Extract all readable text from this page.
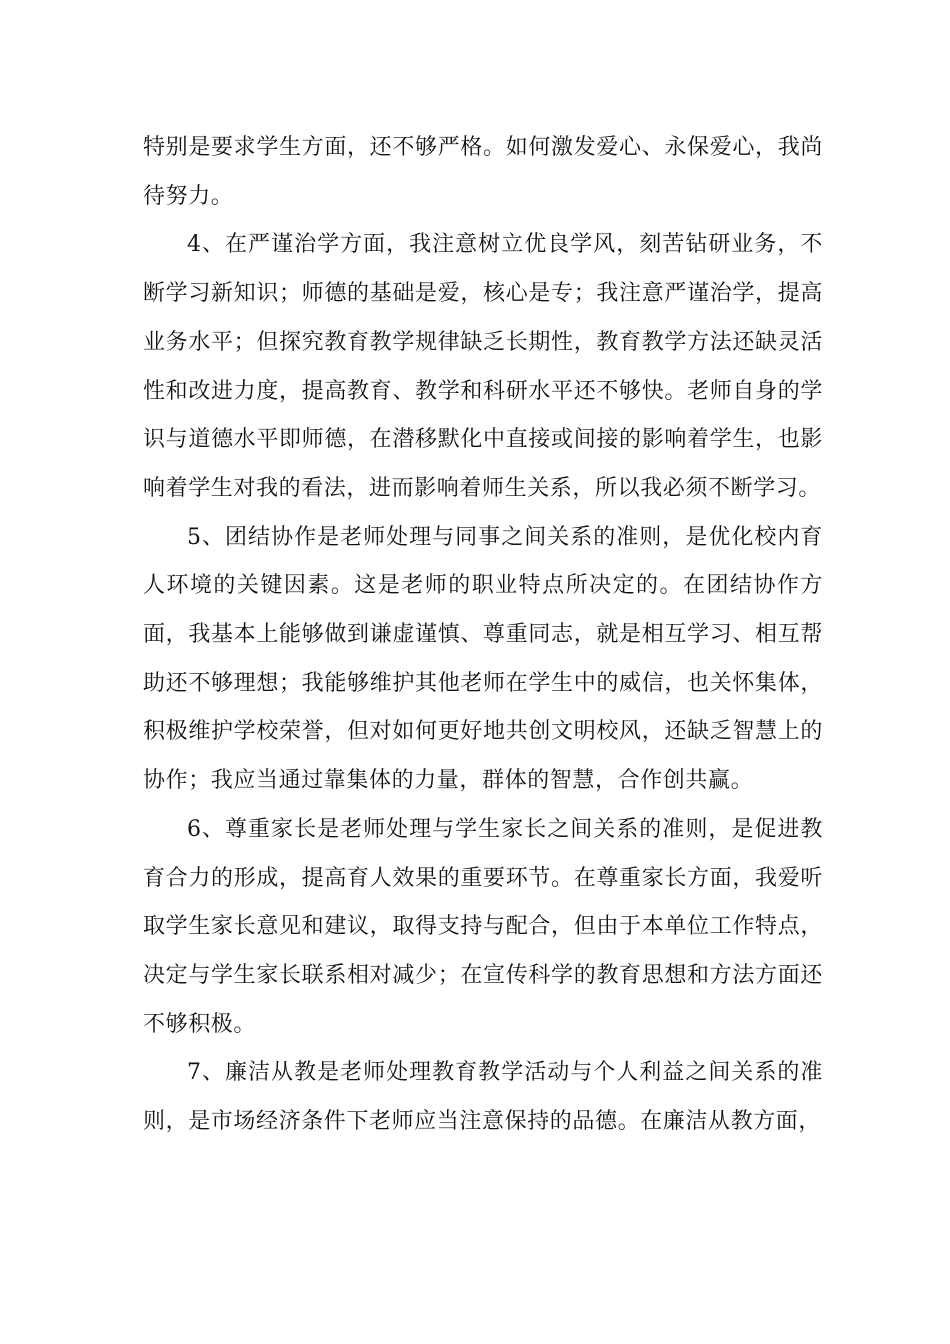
特别是要求学生方面，还不够严格。如何激发爱心、永保爱心，我尚待努力。

4、在严谨治学方面，我注意树立优良学风，刻苦钻研业务，不断学习新知识；师德的基础是爱，核心是专；我注意严谨治学，提高业务水平；但探究教育教学规律缺乏长期性，教育教学方法还缺灵活性和改进力度，提高教育、教学和科研水平还不够快。老师自身的学识与道德水平即师德，在潜移默化中直接或间接的影响着学生，也影响着学生对我的看法，进而影响着师生关系，所以我必须不断学习。

5、团结协作是老师处理与同事之间关系的准则，是优化校内育人环境的关键因素。这是老师的职业特点所决定的。在团结协作方面，我基本上能够做到谦虚谨慎、尊重同志，就是相互学习、相互帮助还不够理想；我能够维护其他老师在学生中的威信，也关怀集体，积极维护学校荣誉，但对如何更好地共创文明校风，还缺乏智慧上的协作；我应当通过靠集体的力量，群体的智慧，合作创共赢。

6、尊重家长是老师处理与学生家长之间关系的准则，是促进教育合力的形成，提高育人效果的重要环节。在尊重家长方面，我爱听取学生家长意见和建议，取得支持与配合，但由于本单位工作特点，决定与学生家长联系相对减少；在宣传科学的教育思想和方法方面还不够积极。

7、廉洁从教是老师处理教育教学活动与个人利益之间关系的准则，是市场经济条件下老师应当注意保持的品德。在廉洁从教方面，
